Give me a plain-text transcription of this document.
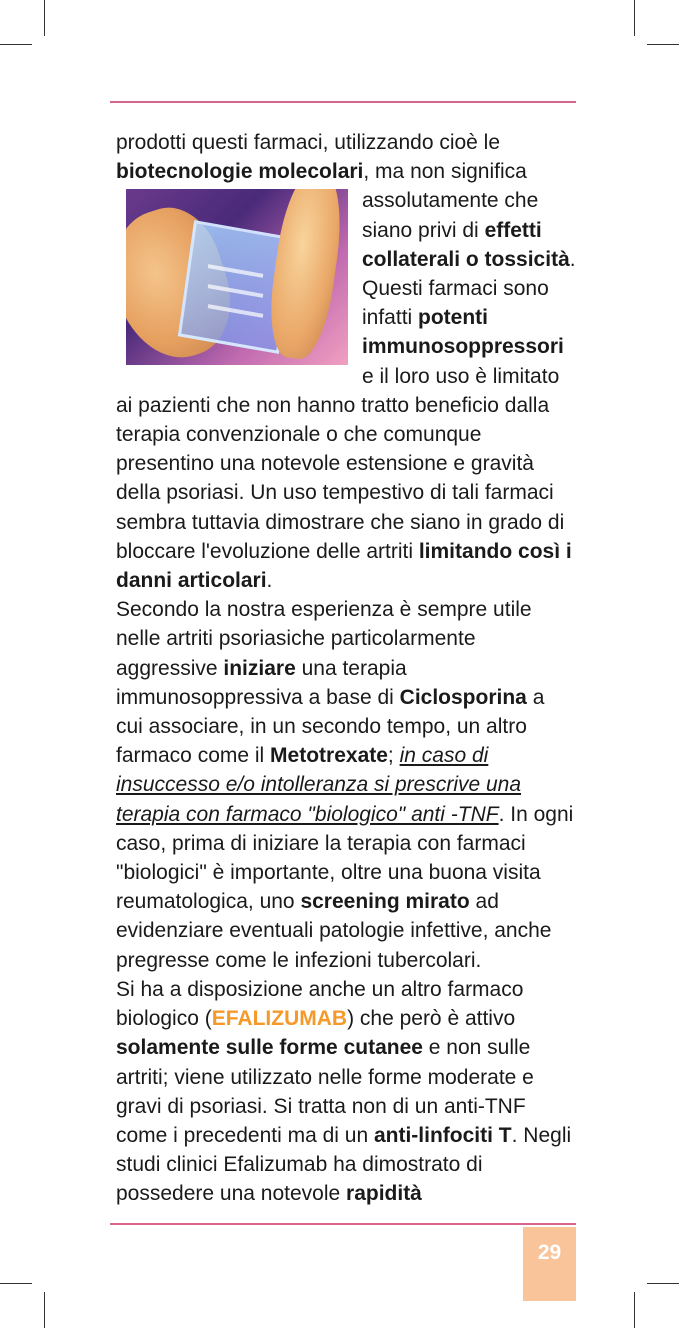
prodotti questi farmaci, utilizzando cioè le biotecnologie molecolari
, ma non significa assolutamente che siano privi di effetti collaterali o tossicità. Questi farmaci sono infatti potenti immunosoppressori e il loro uso è limitato ai pazienti che non hanno tratto beneficio dalla terapia convenzionale o che comunque presentino una notevole estensione e gravità della psoriasi. Un uso tempestivo di tali farmaci sembra tuttavia dimostrare che siano in grado di bloccare l'evoluzione delle artriti limitando così i danni articolari.

Secondo la nostra esperienza è sempre utile nelle artriti psoriasiche particolarmente aggressive iniziare una terapia immunosoppressiva a base di Ciclosporina a cui associare, in un secondo tempo, un altro farmaco come il Metotrexate; in caso di insuccesso e/o intolleranza si prescrive una terapia con farmaco "biologico" anti -TNF. In ogni caso, prima di iniziare la terapia con farmaci "biologici" è importante, oltre una buona visita reumatologica, uno screening mirato ad evidenziare eventuali patologie infettive, anche pregresse come le infezioni tubercolari.

Si ha a disposizione anche un altro farmaco biologico (EFALIZUMAB) che però è attivo solamente sulle forme cutanee e non sulle artriti; viene utilizzato nelle forme moderate e gravi di psoriasi. Si tratta non di un anti-TNF come i precedenti ma di un anti-linfociti T. Negli studi clinici Efalizumab ha dimostrato di possedere una notevole rapidità

29
